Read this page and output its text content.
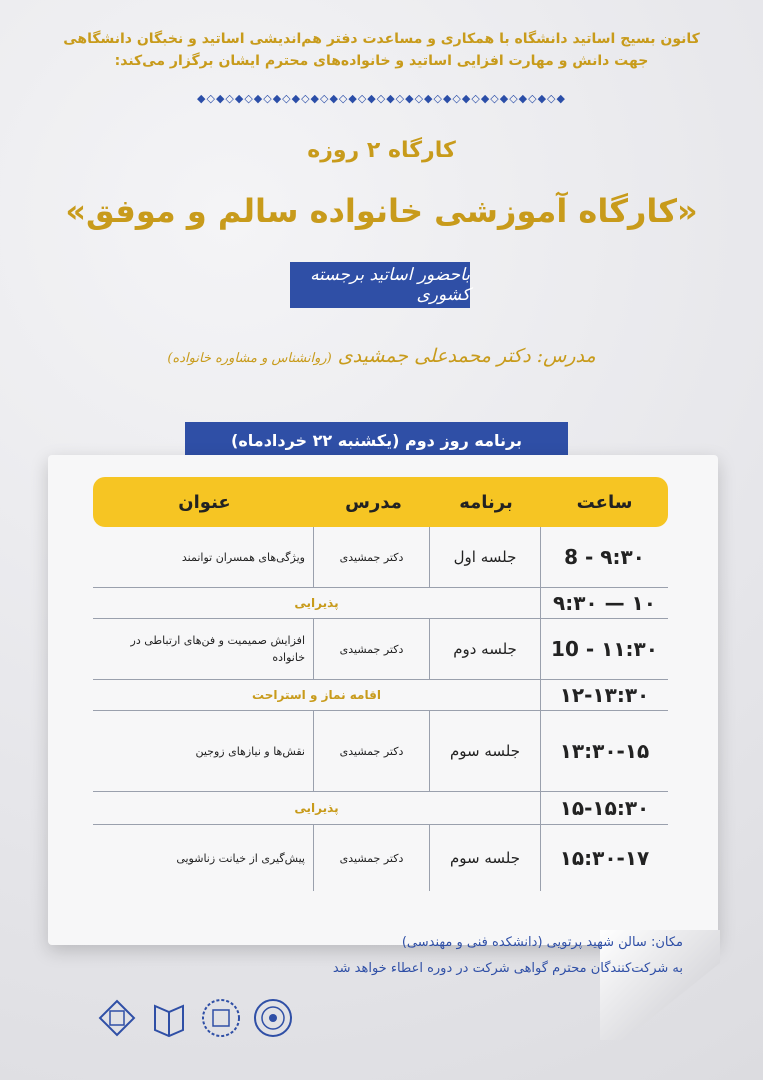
کانون بسیج اساتید دانشگاه با همکاری و مساعدت دفتر هم‌اندیشی اساتید و نخبگان دانشگاهی
جهت دانش و مهارت افزایی اساتید و خانواده‌های محترم ایشان برگزار می‌کند:
◆◇◆◇◆◇◆◇◆◇◆◇◆◇◆◇◆◇◆◇◆◇◆◇◆◇◆◇◆◇◆◇◆◇◆◇◆◇◆
کارگاه ۲ روزه
«کارگاه آموزشی خانواده سالم و موفق»
باحضور اساتید برجسته کشوری
مدرس: دکتر محمدعلی جمشیدی (روانشناس و مشاوره خانواده)
برنامه روز دوم (یکشنبه ۲۲ خردادماه)
ساعت
برنامه
مدرس
عنوان
8 - ۹:۳۰
جلسه اول
دکتر جمشیدی
ویژگی‌های همسران توانمند
۹:۳۰ — ۱۰
پذیرایی
10 - ۱۱:۳۰
جلسه دوم
دکتر جمشیدی
افزایش صمیمیت و فن‌های ارتباطی در خانواده
۱۲-۱۳:۳۰
اقامه نماز و استراحت
۱۳:۳۰-۱۵
جلسه سوم
دکتر جمشیدی
نقش‌ها و نیازهای زوجین
۱۵-۱۵:۳۰
پذیرایی
۱۵:۳۰-۱۷
جلسه سوم
دکتر جمشیدی
پیش‌گیری از خیانت زناشویی
مکان: سالن شهید پرتویی (دانشکده فنی و مهندسی)
به شرکت‌کنندگان محترم گواهی شرکت در دوره اعطاء خواهد شد
